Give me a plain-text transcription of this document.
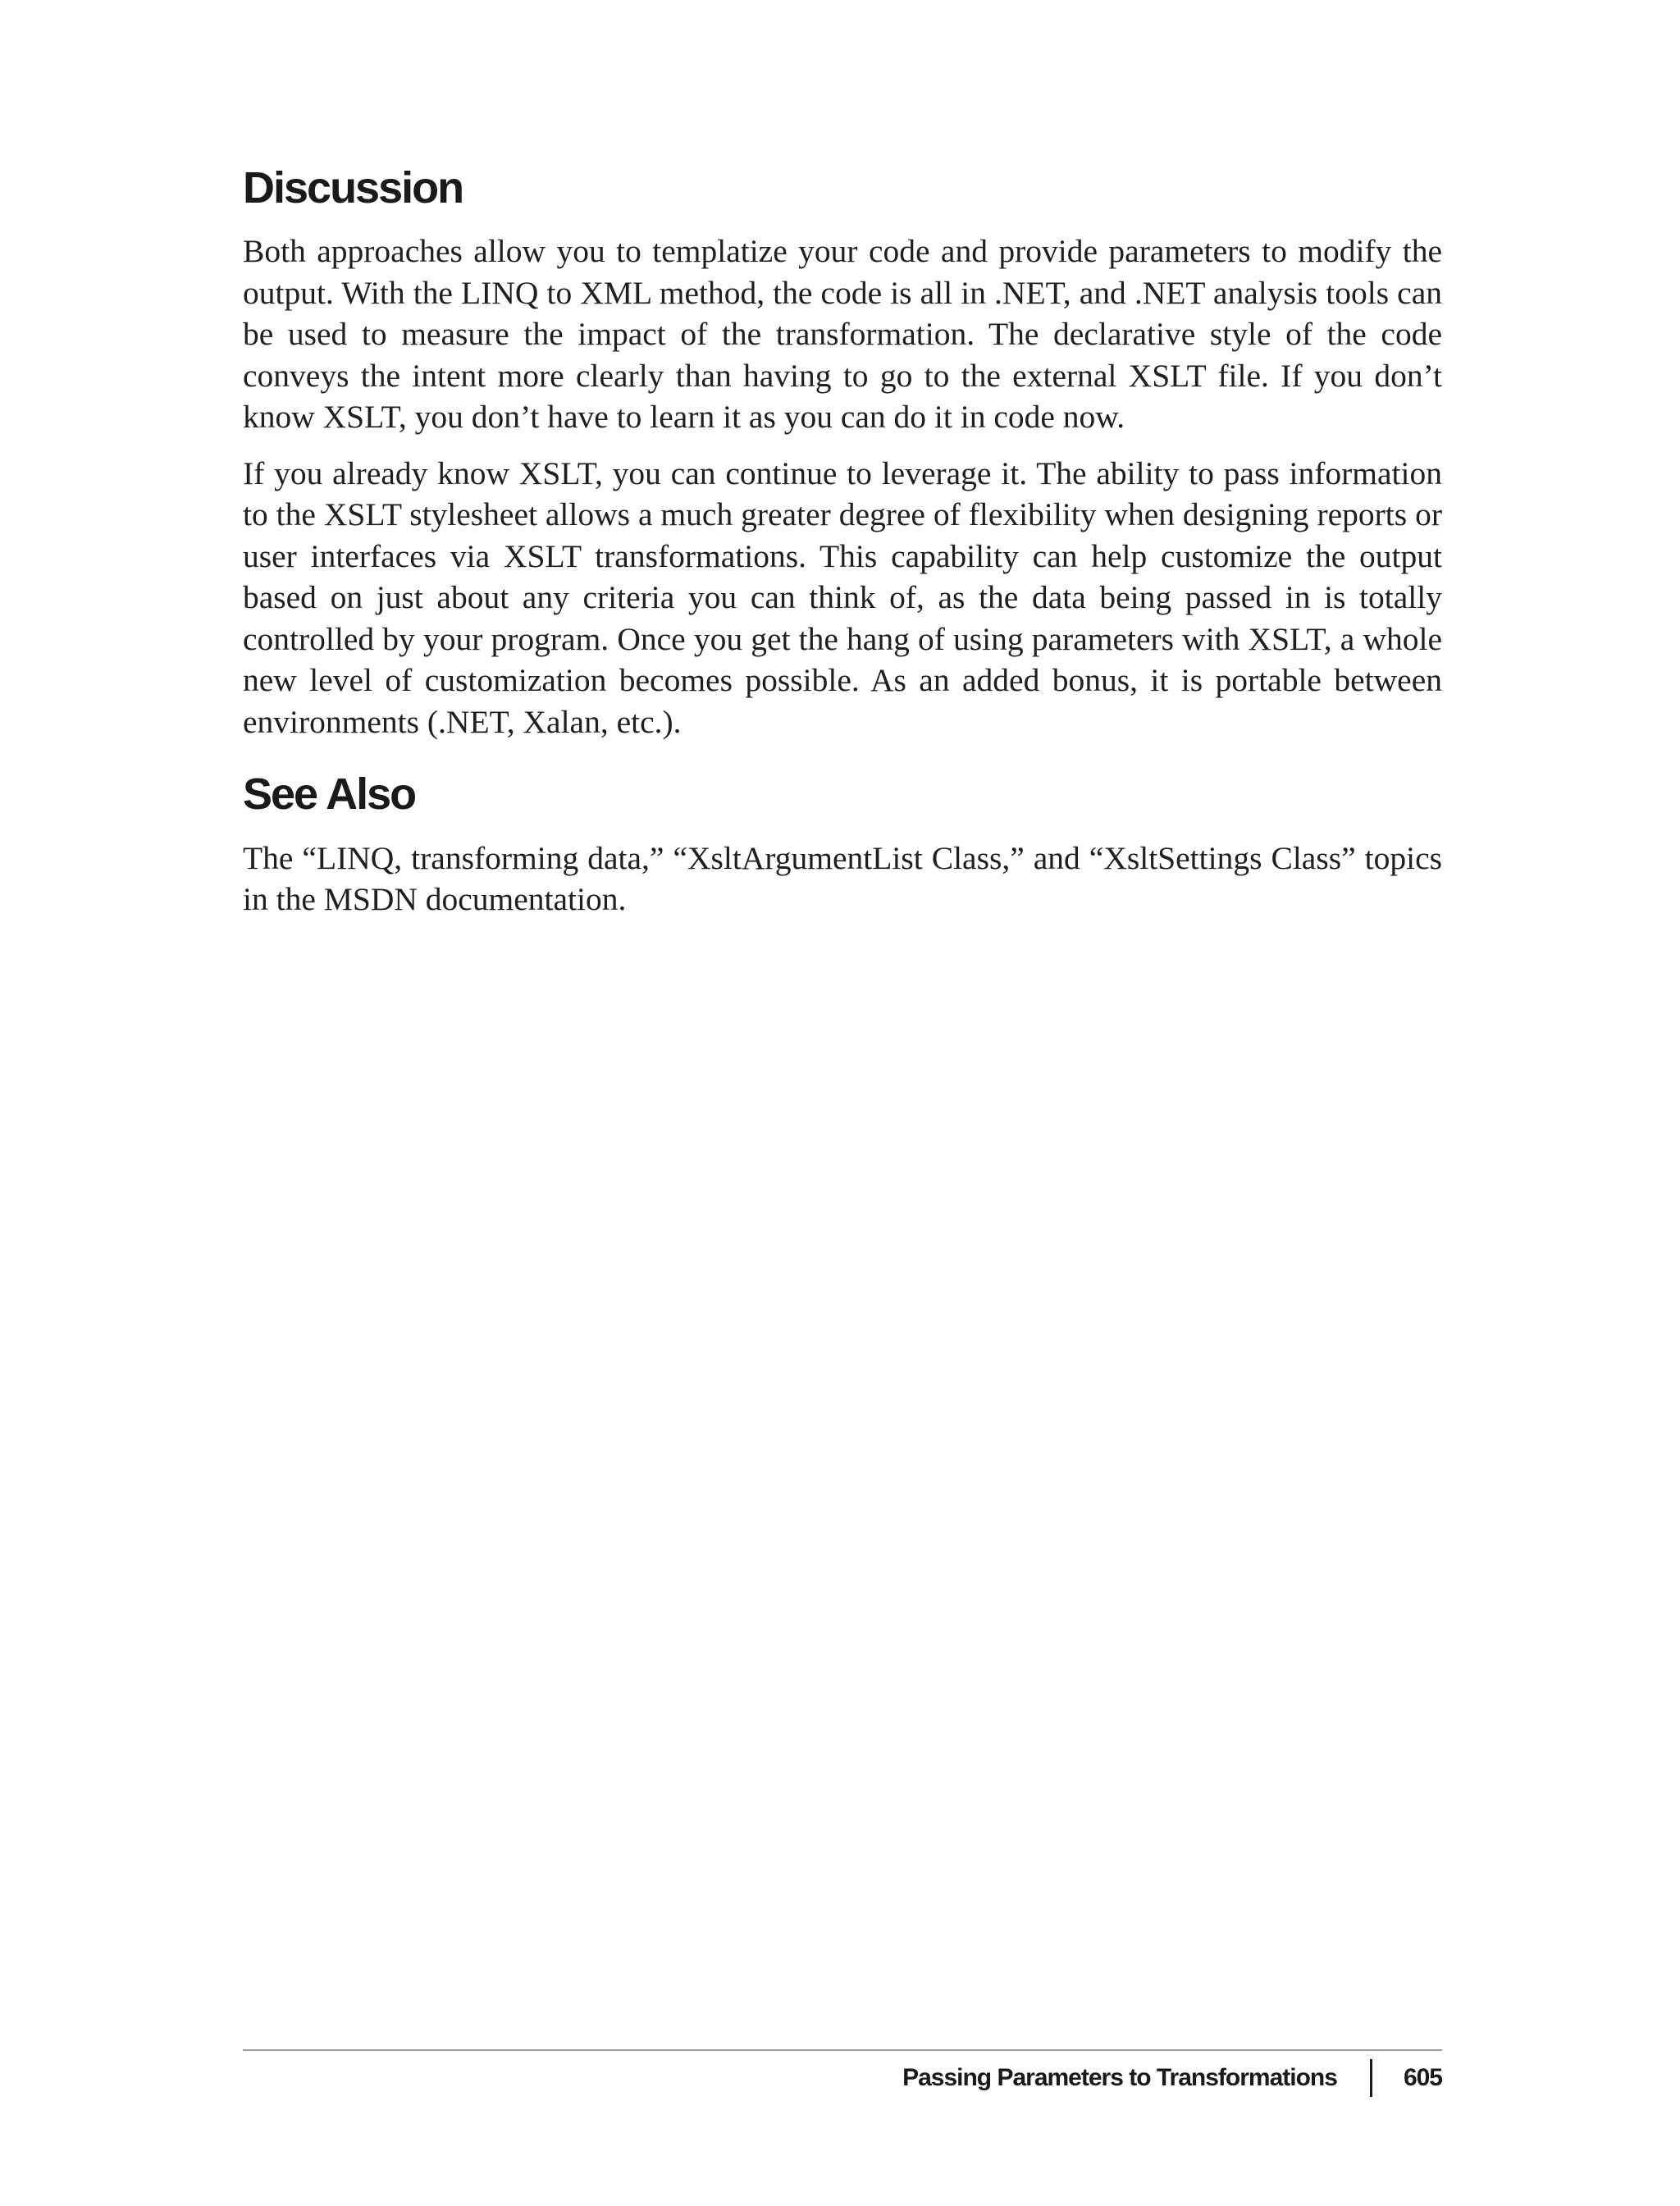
Discussion

Both approaches allow you to templatize your code and provide parameters to modify the output. With the LINQ to XML method, the code is all in .NET, and .NET analysis tools can be used to measure the impact of the transformation. The declarative style of the code conveys the intent more clearly than having to go to the external XSLT file. If you don’t know XSLT, you don’t have to learn it as you can do it in code now.

If you already know XSLT, you can continue to leverage it. The ability to pass information to the XSLT stylesheet allows a much greater degree of flexibility when designing reports or user interfaces via XSLT transformations. This capability can help customize the output based on just about any criteria you can think of, as the data being passed in is totally controlled by your program. Once you get the hang of using parameters with XSLT, a whole new level of customization becomes possible. As an added bonus, it is portable between environments (.NET, Xalan, etc.).

See Also

The “LINQ, transforming data,” “XsltArgumentList Class,” and “XsltSettings Class” topics in the MSDN documentation.

Passing Parameters to Transformations	605
